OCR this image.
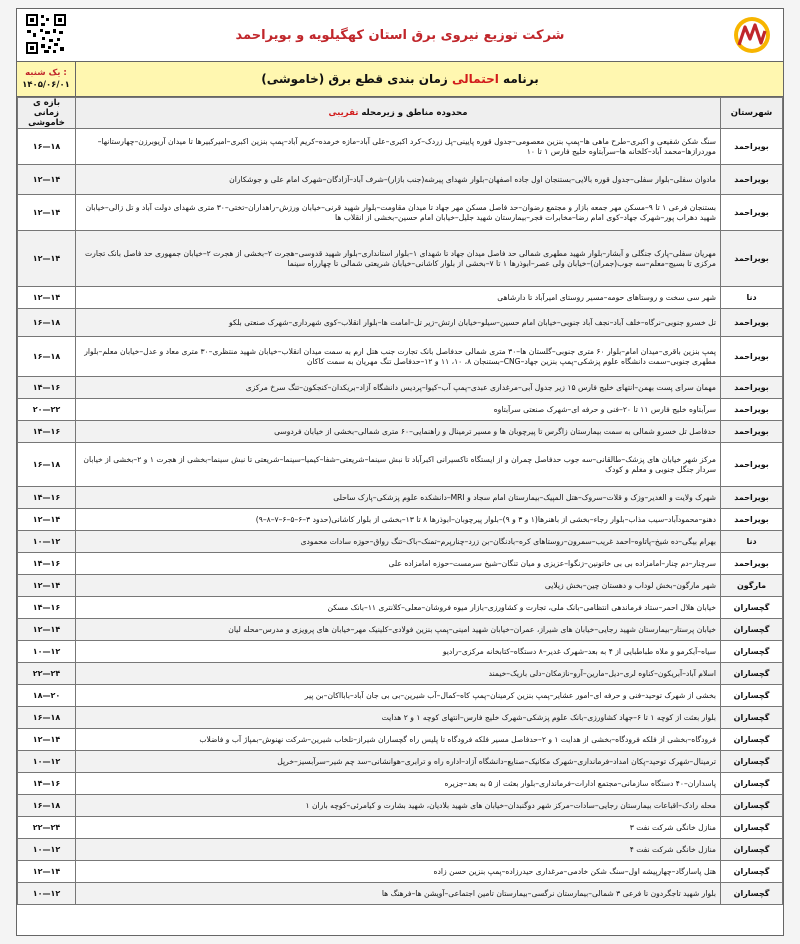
شرکت توزیع نیروی برق استان کهگیلویه و بویراحمد
برنامه احتمالی زمان بندی قطع برق (خاموشی)
یک شنبه :
۱۴۰۵/۰۶/۰۱
شهرستان	محدوده مناطق و زیرمحله تقریبی	بازه ی زمانی خاموشی
بویراحمد	سنگ شکن شفیعی و اکبری–طرح ماهی ها–پمپ بنزین معصومی–جدول قوره پایینی–پل زردک–کرد اکبری–علی آباد–مازه خرمده–کریم آباد–پمپ بنزین اکبری–امیرکبیرها تا میدان آریوبرزن–چهارستانها–موردرازها–محمد آباد–کلخانه ها–سرآبتاوه خلیج فارس ۱ تا ۱۰	۱۶—۱۸
بویراحمد	مادوان سفلی–بلوار سفلی–جدول قوره بالایی–بستنجان اول جاده اصفهان–بلوار شهدای پیرشه(جنب بازار)–شرف آباد–آزادگان–شهرک امام علی و جوشکاران	۱۲—۱۴
بویراحمد	بستنجان فرعی ۱ تا ۹–مسکن مهر جمعه بازار و مجتمع رضوان–حد فاصل مسکن مهر جهاد تا میدان مقاومت–بلوار شهید قرنی–خیابان ورزش–راهداران–تختی–۳۰ متری شهدای دولت آباد و تل زالی–خیابان شهید دهراب پور–شهرک جهاد–کوی امام رضا–مخابرات فجر–بیمارستان شهید جلیل–خیابان امام حسین–بخشی از انقلاب ها	۱۲—۱۴
بویراحمد	مهریان سفلی–پارک جنگلی و آبشار–بلوار شهید مطهری شمالی حد فاصل میدان جهاد تا شهدای ۱–بلوار استانداری–بلوار شهید قدوسی–هجرت ۲–بخشی از هجرت ۲–خیابان جمهوری حد فاصل بانک تجارت مرکزی تا بسیج–معلم–سه جوب(جمران)–خیابان ولی عصر–ابوذرها ۱ تا ۷–بخشی از بلوار کاشانی–خیابان شریعتی شمالی تا چهارراه سینما	۱۲—۱۴
دنا	شهر سی سخت و روستاهای حومه–مسیر روستای امیرآباد تا دارشاهی	۱۲—۱۴
بویراحمد	تل خسرو جنوبی–نرگاه–خلف آباد–نجف آباد جنوبی–خیابان امام حسین–سیلو–خیابان ارتش–زیر تل–امامت ها–بلوار انقلاب–کوی شهرداری–شهرک صنعتی بلکو	۱۶—۱۸
بویراحمد	پمپ بنزین باقری–میدان امام–بلوار ۶۰ متری جنوبی–گلستان ها–۳۰ متری شمالی حدفاصل بانک تجارت جنب هتل ارم به سمت میدان انقلاب–خیابان شهید منتظری–۳۰ متری معاد و عدل–خیابان معلم–بلوار مطهری جنوبی–سمت دانشگاه علوم پزشکی–پمپ بنزین جهاد–CNG–بستنجان ۸، ۱۰، ۱۱ و ۱۲–حدفاصل تنگ مهریان به سمت کاکان	۱۶—۱۸
بویراحمد	مهمان سرای پست بهمن–انتهای خلیج فارس ۱۵ زیر جدول آبی–مرغداری عبدی–پمپ آب–کیوا–پردیس دانشگاه آزاد–بریکدان–کنجکون–تنگ سرخ مرکزی	۱۴—۱۶
بویراحمد	سرآبتاوه خلیج فارس ۱۱ تا ۲۰–فنی و حرفه ای–شهرک صنعتی سرآبتاوه	۲۰—۲۲
بویراحمد	حدفاصل تل خسرو شمالی به سمت بیمارستان زاگرس تا پیرچوبان ها و مسیر ترمینال و راهنمایی–۶۰ متری شمالی–بخشی از خیابان فردوسی	۱۴—۱۶
بویراحمد	مرکز شهر خیابان های پزشک–طالقانی–سه جوب حدفاصل چمران و از ایستگاه تاکسیرانی اکبرآباد تا نبش سینما–شریعتی–شفا–کیمیا–سینما–شریعتی تا نبش سینما–بخشی از هجرت ۱ و ۲–بخشی از خیابان سردار جنگل جنوبی و معلم و کودک	۱۶—۱۸
بویراحمد	شهرک ولایت و الغدیر–وزک و قلات–سروک–هتل المپیک–بیمارستان امام سجاد و MRI–دانشکده علوم پزشکی–پارک ساحلی	۱۴—۱۶
بویراحمد	دهنو–محمودآباد–سیب مذاب–بلوار رجاء–بخشی از باهنرها(۱ و ۳ و ۹)–بلوار پیرچوبان–ابوذرها ۸ تا ۱۳–بخشی از بلوار کاشانی(حدود ۳–۶–۵–۶–۷–۸–۹)	۱۲—۱۴
دنا	بهرام بیگی–ده شیخ–پاتاوه–احمد غریب–سمرون–روستاهای کره–بادنگان–بن زرد–چنارپرم–تمنک–باک–تنگ رواق–حوزه سادات محمودی	۱۰—۱۲
بویراحمد	سرچنار–دم چنار–امامزاده بی بی خاتونین–زنگوا–عزیزی و میان تنگان–شیخ سرمست–حوزه امامزاده علی	۱۴—۱۶
مارگون	شهر مارگون–بخش لوداب و دهستان چین–بخش زیلایی	۱۲—۱۴
گچساران	خیابان هلال احمر–ستاد فرماندهی انتظامی–بانک ملی، تجارت و کشاورزی–بازار میوه فروشان–معلی–کلانتری ۱۱–بانک مسکن	۱۴—۱۶
گچساران	خیابان پرستار–بیمارستان شهید رجایی–خیابان های شیراز، عمران–خیابان شهید امینی–پمپ بنزین فولادی–کلینیک مهر–خیابان های پرویزی و مدرس–محله لیان	۱۲—۱۴
گچساران	سیاه–آبکرمو و ملاه طباطبایی از ۴ به بعد–شهرک غدیر–۸ دستگاه–کتابخانه مرکزی–رادیو	۱۰—۱۲
گچساران	اسلام آباد–آبریکون–کناوه لری–دیل–مارین–آرو–نازمکان–دلی باریک–خیمند	۲۲—۲۴
گچساران	بخشی از شهرک توحید–فنی و حرفه ای–امور عشایر–پمپ بنزین کرمینان–پمپ کاه–کمال–آب شیرین–بی بی جان آباد–بابااکان–بن پیر	۱۸—۲۰
گچساران	بلوار بعثت از کوچه ۱ تا ۶–جهاد کشاورزی–بانک علوم پزشکی–شهرک خلیج فارس–انتهای کوچه ۱ و ۲ هدایت	۱۶—۱۸
گچساران	فرودگاه–بخشی از فلکه فرودگاه–بخشی از هدایت ۱ و ۲–حدفاصل مسیر فلکه فرودگاه تا پلیس راه گچساران شیراز–تلخاب شیرین–شرکت نهنوش–بمپاژ آب و فاضلاب	۱۲—۱۴
گچساران	ترمینال–شهرک توحید–پکان امداد–فرمانداری–شهرک مکانیک–صنایع–دانشگاه آزاد–اداره راه و ترابری–هوانشانی–سد چم شیر–سرآبسیز–خرپل	۱۰—۱۲
گچساران	پاسداران–۴۰ دستگاه سازمانی–مجتمع ادارات–فرمانداری–بلوار بعثت از ۵ به بعد–جزیره	۱۴—۱۶
گچساران	محله رادک–اقباعات بیمارستان رجایی–سادات–مرکز شهر دوگنبدان–خیابان های شهید بلادیان، شهید بشارت و کیامرئی–کوچه باران ۱	۱۶—۱۸
گچساران	منازل خانگی شرکت نفت ۳	۲۲—۲۴
گچساران	منازل خانگی شرکت نفت ۴	۱۰—۱۲
گچساران	هتل پاسارگاد–چهارپیشه اول–سنگ شکن خادمی–مرغداری حیدرزاده–پمپ بنزین حسن زاده	۱۲—۱۴
گچساران	بلوار شهید تاجگردون تا فرعی ۳ شمالی–بیمارستان نرگسی–بیمارستان تامین اجتماعی–آویشن ها–فرهنگ ها	۱۰—۱۲
